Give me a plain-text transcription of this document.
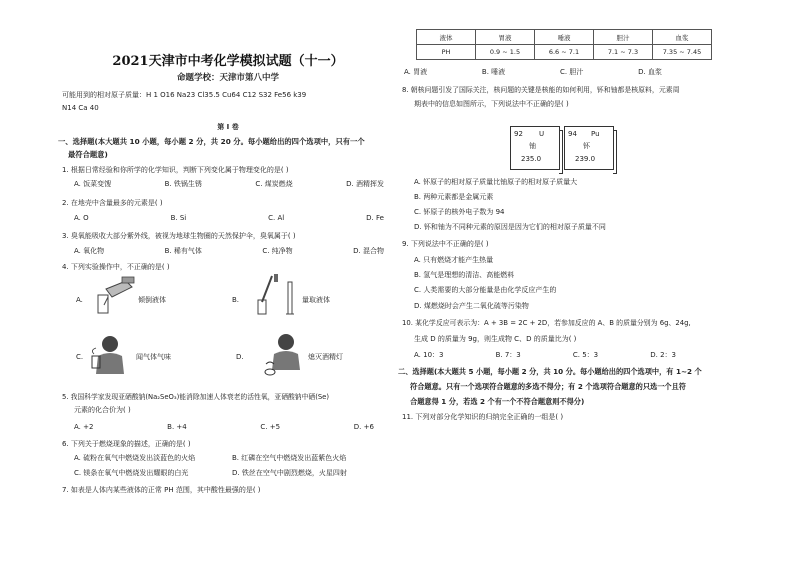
2021天津市中考化学模拟试题（十一）
命题学校：天津市第八中学
可能用到的相对原子质量：H 1 O16 Na23 Cl35.5 Cu64 C12 S32 Fe56 k39
N14 Ca 40
第 I 卷
一、选择题(本大题共 10 小题，每小题 2 分，共 20 分。每小题给出的四个选项中，只有一个
最符合题意)
1. 根据日常经验和你所学的化学知识，判断下列变化属于物理变化的是( )
A. 饭菜变馊	B. 铁锅生锈	C. 煤炭燃烧	D. 酒精挥发
2. 在地壳中含量最多的元素是( )
A. O	B. Si	C. Al	D. Fe
3. 臭氧能吸收大部分紫外线，被视为地球生物圈的天然保护伞，臭氧属于( )
A. 氧化物	B. 稀有气体	C. 纯净物	D. 混合物
4. 下列实验操作中，不正确的是( )
A.	倾倒液体	B.	量取液体
C.	闻气体气味	D.	熄灭酒精灯
5. 我国科学家发现亚硒酸钠(Na₂SeO₃)能消除加速人体衰老的活性氧，亚硒酸钠中硒(Se)
元素的化合价为( )
A. +2	B. +4	C. +5	D. +6
6. 下列关于燃烧现象的描述，正确的是( )
A. 硫粉在氧气中燃烧发出淡蓝色的火焰	B. 红磷在空气中燃烧发出蓝紫色火焰
C. 镁条在氧气中燃烧发出耀眼的白光	D. 铁丝在空气中剧烈燃烧，火星四射
7. 如表是人体内某些液体的正常 PH 范围，其中酸性最强的是( )
液体	胃液	唾液	胆汁	血浆
PH	0.9 ~ 1.5	6.6 ~ 7.1	7.1 ~ 7.3	7.35 ~ 7.45
A. 胃液	B. 唾液	C. 胆汁	D. 血浆
8. 朝核问题引发了国际关注，核问题的关键是核能的如何利用，钚和铀都是核原料，元素周
期表中的信息如图所示，下列说法中不正确的是( )
92 U
铀
235.0
94 Pu
钚
239.0
A. 钚原子的相对原子质量比铀原子的相对原子质量大
B. 两种元素都是金属元素
C. 钚原子的核外电子数为 94
D. 钚和铀为不同种元素的原因是因为它们的相对原子质量不同
9. 下列说法中不正确的是( )
A. 只有燃烧才能产生热量
B. 氢气是理想的清洁、高能燃料
C. 人类需要的大部分能量是由化学反应产生的
D. 煤燃烧时会产生二氧化硫等污染物
10. 某化学反应可表示为：A + 3B = 2C + 2D，若参加反应的 A、B 的质量分别为 6g、24g,
生成 D 的质量为 9g，则生成物 C、D 的质量比为( )
A. 10：3	B. 7：3	C. 5：3	D. 2：3
二、选择题(本大题共 5 小题，每小题 2 分，共 10 分。每小题给出的四个选项中，有 1~2 个
符合题意。只有一个选项符合题意的多选不得分；有 2 个选项符合题意的只选一个且符
合题意得 1 分，若选 2 个有一个不符合题意则不得分)
11. 下列对部分化学知识的归纳完全正确的一组是( )
